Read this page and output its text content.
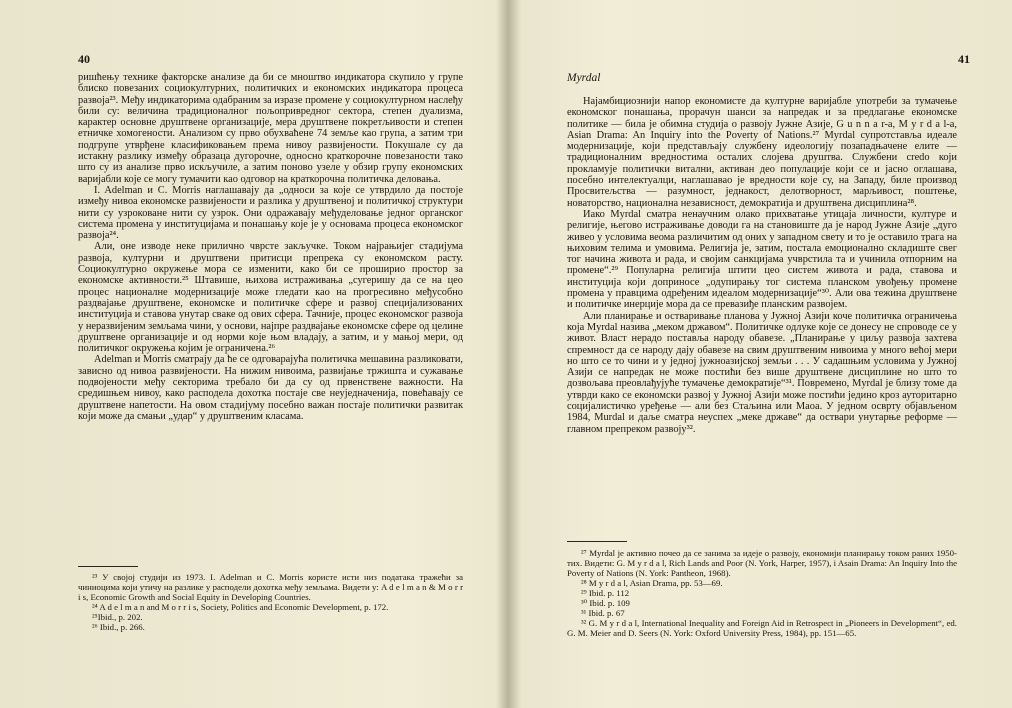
40

ришћењу технике факторске анализе да би се мноштво индикатора скупило у групе блиско повезаних социокултурних, политичких и економских индикатора процеса развоја²³. Међу индикаторима одабраним за изразе промене у социокултурном наслеђу били су: величина традиционалног пољопривредног сектора, степен дуализма, карактер основне друштвене организације, мера друштвене покретљивости и степен етничке хомогености. Анализом су прво обухваћене 74 земље као група, а затим три подгрупе утврђене класификовањем према нивоу развијености. Покушале су да истакну разлику између образаца дугорочне, односно краткорочне повезаности тако што су из анализе прво искључиле, а затим поново узеле у обзир групу економских варијабли које се могу тумачити као одговор на краткорочна политичка деловања.

I. Adelman и C. Morris наглашавају да „односи за које се утврдило да постоје између нивоа економске развијености и разлика у друштвеној и политичкој структури нити су узроковане нити су узрок. Они одражавају међуделовање једног органског система промена у институцијама и понашању које је у основама процеса економског развоја²⁴.

Али, оне изводе неке прилично чврсте закључке. Током најрањијег стадијума развоја, културни и друштвени притисци препрека су економском расту. Социокултурно окружење мора се изменити, како би се проширио простор за економске активности.²⁵ Штавише, њихова истраживања „сугеришу да се на цео процес националне модернизације може гледати као на прогресивно међусобно раздвајање друштвене, економске и политичке сфере и развој специјализованих институција и ставова унутар сваке од ових сфера. Тачније, процес економског развоја у неразвијеним земљама чини, у основи, најпре раздвајање економске сфере од целине друштвене организације и од норми које њом владају, а затим, и у мањој мери, од политичког окружења којим је ограничена.²⁶

Adelman и Morris сматрају да ће се одговарајућа политичка мешавина разликовати, зависно од нивоа развијености. На нижим нивоима, развијање тржишта и сужавање подвојености међу секторима требало би да су од првенствене важности. На средишњем нивоу, како расподела дохотка постаје све неуједначенија, повећавају се друштвене напетости. На овом стадијуму посебно важан постаје политички развитак који може да смањи „удар“ у друштвеним класама.

²³ У својој студији из 1973. I. Adelman и C. Morris користе исти низ података тражећи за чиниоцима који утичу на разлике у расподели дохотка међу земљама. Видети у: A d e l m a n & M o r r i s, Economic Growth and Social Equity in Developing Countries.
²⁴ A d e l m a n and M o r r i s, Society, Politics and Economic Development, p. 172.
²⁵Ibid., p. 202.
²⁶ Ibid., p. 266.
41
Myrdal

Најамбициознији напор економисте да културне варијабле употреби за тумачење економског понашања, прорачун шанси за напредак и за предлагање економске политике — била је обимна студија о развоју Јужне Азије, G u n n a r-a, M y r d a l-a, Asian Drama: An Inquiry into the Poverty of Nations.²⁷ Myrdal супротставља идеале модернизације, који представљају службену идеологију позападњачене елите — традиционалним вредностима осталих слојева друштва. Службени credo који прокламује политички витални, активан део популације који се и јасно оглашава, посебно интелектуалци, наглашавао је вредности које су, на Западу, биле производ Просвитељства — разумност, једнакост, делотворност, марљивост, поштење, новаторство, национална независност, демократија и друштвена дисциплина²⁸.

Иако Myrdal сматра ненаучним олако прихватање утицаја личности, културе и религије, његово истраживање доводи га на становиште да је народ Јужне Азије „дуго живео у условима веома различитим од оних у западном свету и то је оставило трага на њиховим телима и умовима. Религија је, затим, постала емоционално складиште свег тог начина живота и рада, и својим санкцијама учврстила та и учинила отпорним на промене“.²⁹ Популарна религија штити цео систем живота и рада, ставова и институција који доприносе „одупирању тог система планском увођењу промене промена у правцима одређеним идеалом модернизације“³⁰. Али ова тежина друштвене и политичке инерције мора да се превазиђе планским развојем.

Али планирање и остваривање планова у Јужној Азији коче политичка ограничења која Myrdal назива „меком државом“. Политичке одлуке које се донесу не спроводе се у живот. Власт нерадо поставља народу обавезе. „Планирање у циљу развоја захтева спремност да се народу дају обавезе на свим друштвеним нивоима у много већој мери но што се то чини и у једној јужноазијској земљи . . . У садашњим условима у Јужној Азији се напредак не може постићи без више друштвене дисциплине но што то дозвољава преовлађујуће тумачење демократије“³¹. Повремено, Myrdal је близу томе да утврди како се економски развој у Јужној Азији може постићи једино кроз ауторитарно социјалистичко уређење — али без Стаљина или Маоа. У једном осврту објављеном 1984, Murdal и даље сматра неуспех „меке државе“ да оствари унутарње реформе — главном препреком развоју³².

²⁷ Myrdal је активно почео да се занима за идеје о развоју, економији планирању током раних 1950-тих. Видети: G. M y r d a l, Rich Lands and Poor (N. York, Harper, 1957), i Asain Drama: An Inquiry Into the Poverty of Nations (N. York: Pantheon, 1968).
²⁸ M y r d a l, Asian Drama, pp. 53—69.
²⁹ Ibid. p. 112
³⁰ Ibid. p. 109
³¹ Ibid. p. 67
³² G. M y r d a l, International Inequality and Foreign Aid in Retrospect in „Pioneers in Development“, ed. G. M. Meier and D. Seers (N. York: Oxford University Press, 1984), pp. 151—65.
